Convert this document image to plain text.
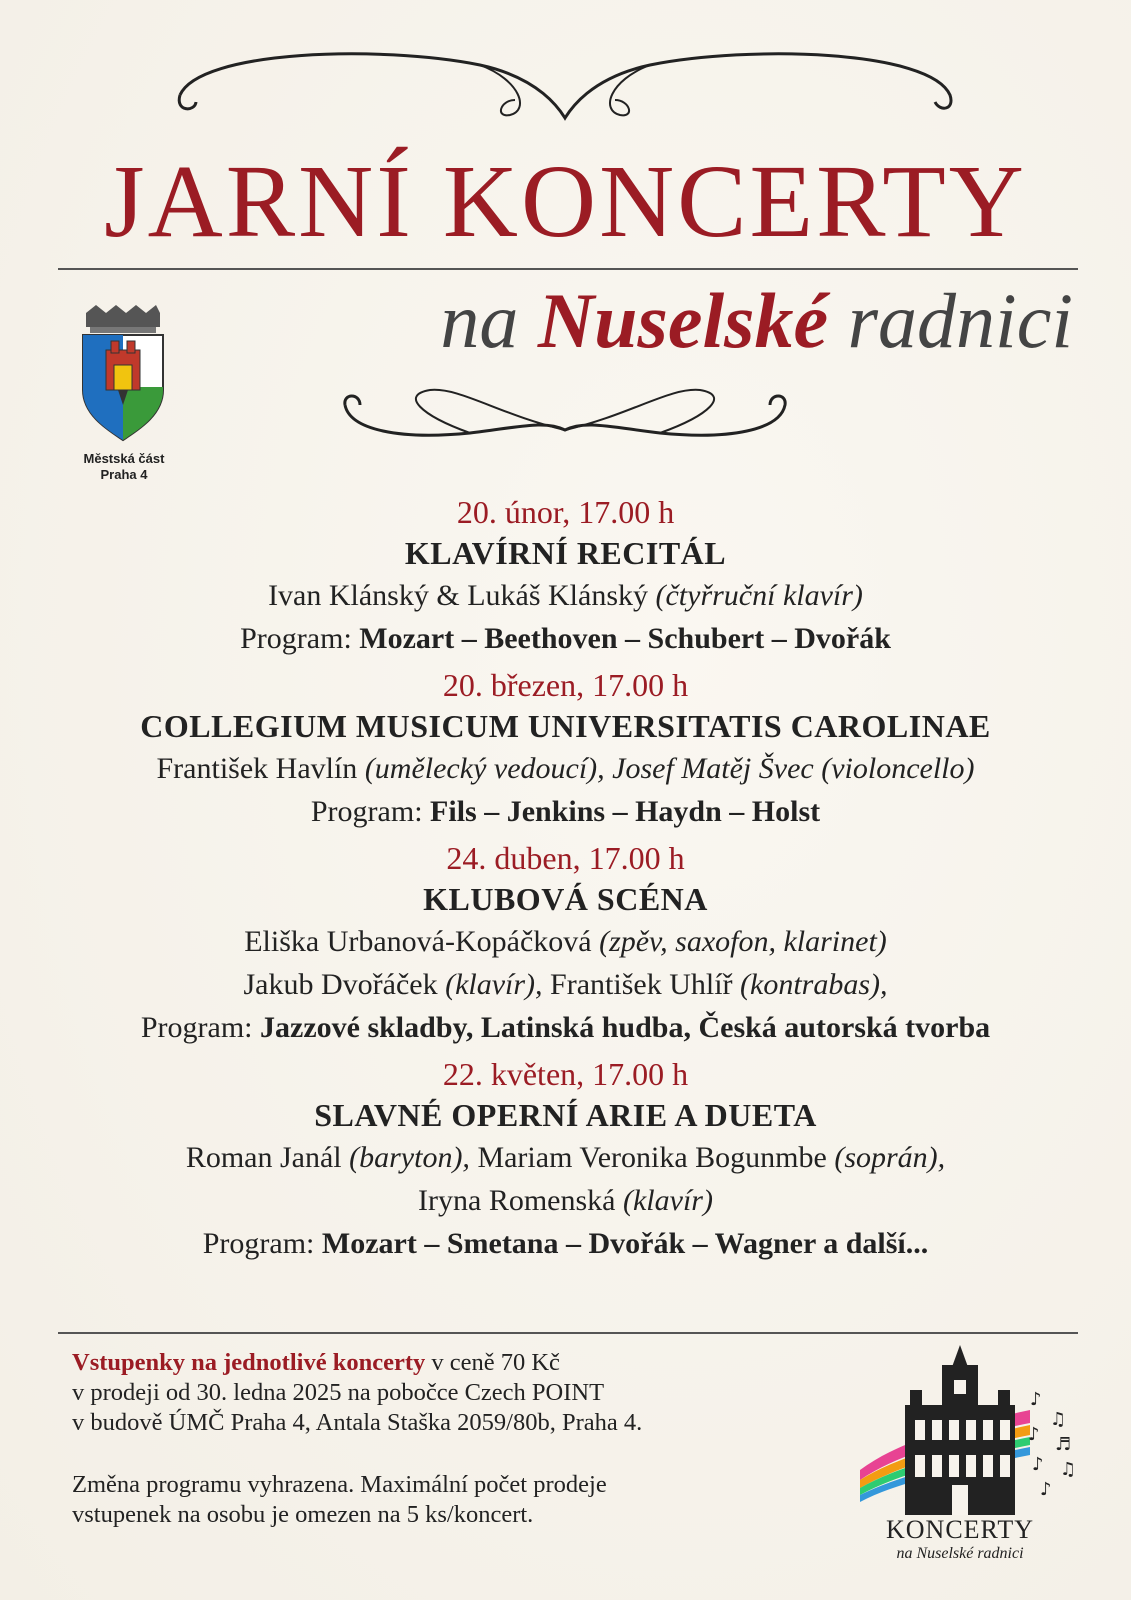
JARNÍ KONCERTY
na Nuselské radnici
Městská část
Praha 4
20. únor, 17.00 h
KLAVÍRNÍ RECITÁL
Ivan Klánský & Lukáš Klánský (čtyřruční klavír)
Program: Mozart – Beethoven – Schubert – Dvořák
20. březen, 17.00 h
COLLEGIUM MUSICUM UNIVERSITATIS CAROLINAE
František Havlín (umělecký vedoucí), Josef Matěj Švec (violoncello)
Program: Fils – Jenkins – Haydn – Holst
24. duben, 17.00 h
KLUBOVÁ SCÉNA
Eliška Urbanová-Kopáčková (zpěv, saxofon, klarinet)
Jakub Dvořáček (klavír), František Uhlíř (kontrabas),
Program: Jazzové skladby, Latinská hudba, Česká autorská tvorba
22. květen, 17.00 h
SLAVNÉ OPERNÍ ARIE A DUETA
Roman Janál (baryton), Mariam Veronika Bogunmbe (soprán),
Iryna Romenská (klavír)
Program: Mozart – Smetana – Dvořák – Wagner a další...
Vstupenky na jednotlivé koncerty v ceně 70 Kč
v prodeji od 30. ledna 2025 na pobočce Czech POINT
v budově ÚMČ Praha 4, Antala Staška 2059/80b, Praha 4.
Změna programu vyhrazena. Maximální počet prodeje
vstupenek na osobu je omezen na 5 ks/koncert.
♪
♫
♪ ♬
♪ ♫
♪
KONCERTY
na Nuselské radnici
